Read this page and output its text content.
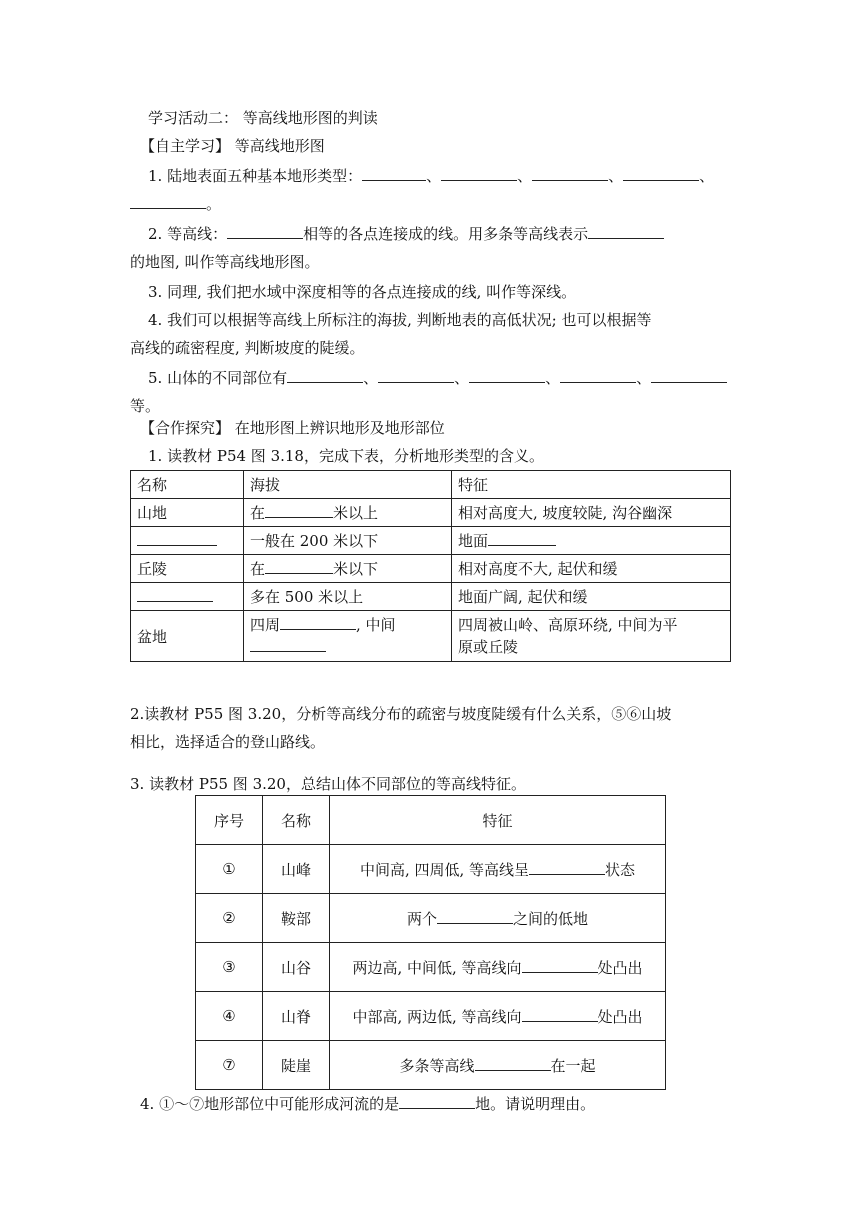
学习活动二： 等高线地形图的判读
【自主学习】 等高线地形图
1. 陆地表面五种基本地形类型：	、	、	、	、
。
2. 等高线：	相等的各点连接成的线。用多条等高线表示
的地图, 叫作等高线地形图。
3. 同理, 我们把水域中深度相等的各点连接成的线, 叫作等深线。
4. 我们可以根据等高线上所标注的海拔, 判断地表的高低状况; 也可以根据等
高线的疏密程度, 判断坡度的陡缓。
5. 山体的不同部位有	、	、	、	、
等。
【合作探究】 在地形图上辨识地形及地形部位
1. 读教材 P54 图 3.18，完成下表，分析地形类型的含义。
名称	海拔	特征
山地	在 米以上	相对高度大, 坡度较陡, 沟谷幽深
	一般在 200 米以下	地面
丘陵	在 米以下	相对高度不大, 起伏和缓
	多在 500 米以上	地面广阔, 起伏和缓
盆地	四周 , 中间	四周被山岭、高原环绕, 中间为平
原或丘陵
2.读教材 P55 图 3.20，分析等高线分布的疏密与坡度陡缓有什么关系，⑤⑥山坡
相比，选择适合的登山路线。
3. 读教材 P55 图 3.20，总结山体不同部位的等高线特征。
序号	名称	特征
①	山峰	中间高, 四周低, 等高线呈 状态
②	鞍部	两个 之间的低地
③	山谷	两边高, 中间低, 等高线向 处凸出
④	山脊	中部高, 两边低, 等高线向 处凸出
⑦	陡崖	多条等高线 在一起
4. ①～⑦地形部位中可能形成河流的是	地。请说明理由。
